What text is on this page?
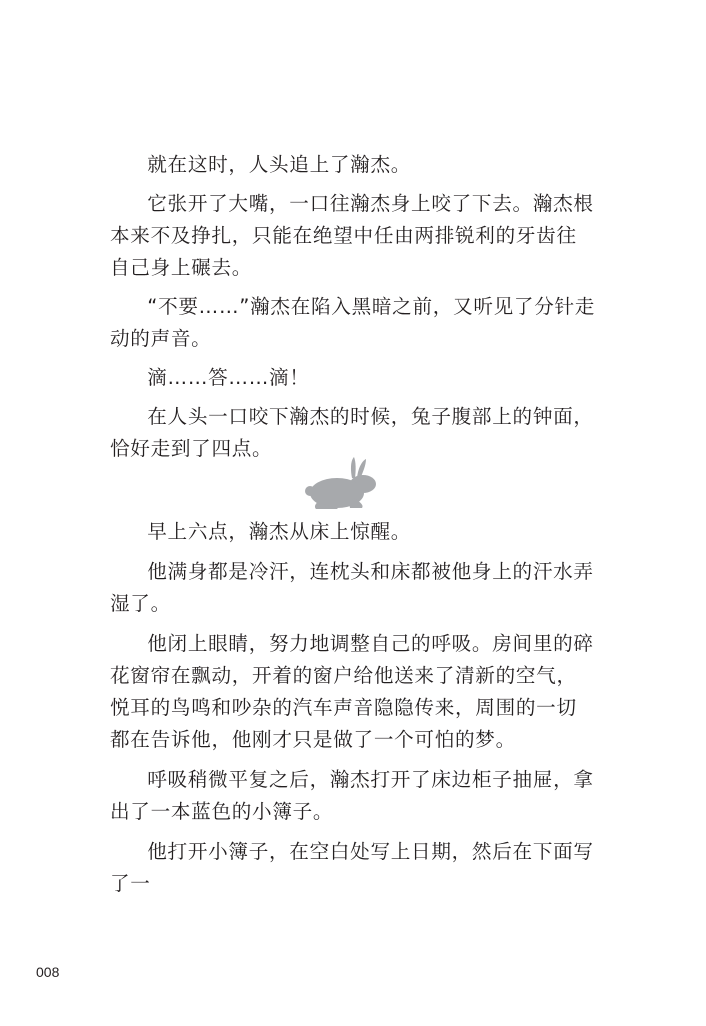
就在这时，人头追上了瀚杰。

它张开了大嘴，一口往瀚杰身上咬了下去。瀚杰根本来不及挣扎，只能在绝望中任由两排锐利的牙齿往自己身上碾去。

“不要……”瀚杰在陷入黑暗之前，又听见了分针走动的声音。

滴……答……滴！

在人头一口咬下瀚杰的时候，兔子腹部上的钟面，恰好走到了四点。

早上六点，瀚杰从床上惊醒。

他满身都是冷汗，连枕头和床都被他身上的汗水弄湿了。

他闭上眼睛，努力地调整自己的呼吸。房间里的碎花窗帘在飘动，开着的窗户给他送来了清新的空气，悦耳的鸟鸣和吵杂的汽车声音隐隐传来，周围的一切都在告诉他，他刚才只是做了一个可怕的梦。

呼吸稍微平复之后，瀚杰打开了床边柜子抽屉，拿出了一本蓝色的小簿子。

他打开小簿子，在空白处写上日期，然后在下面写了一

008
